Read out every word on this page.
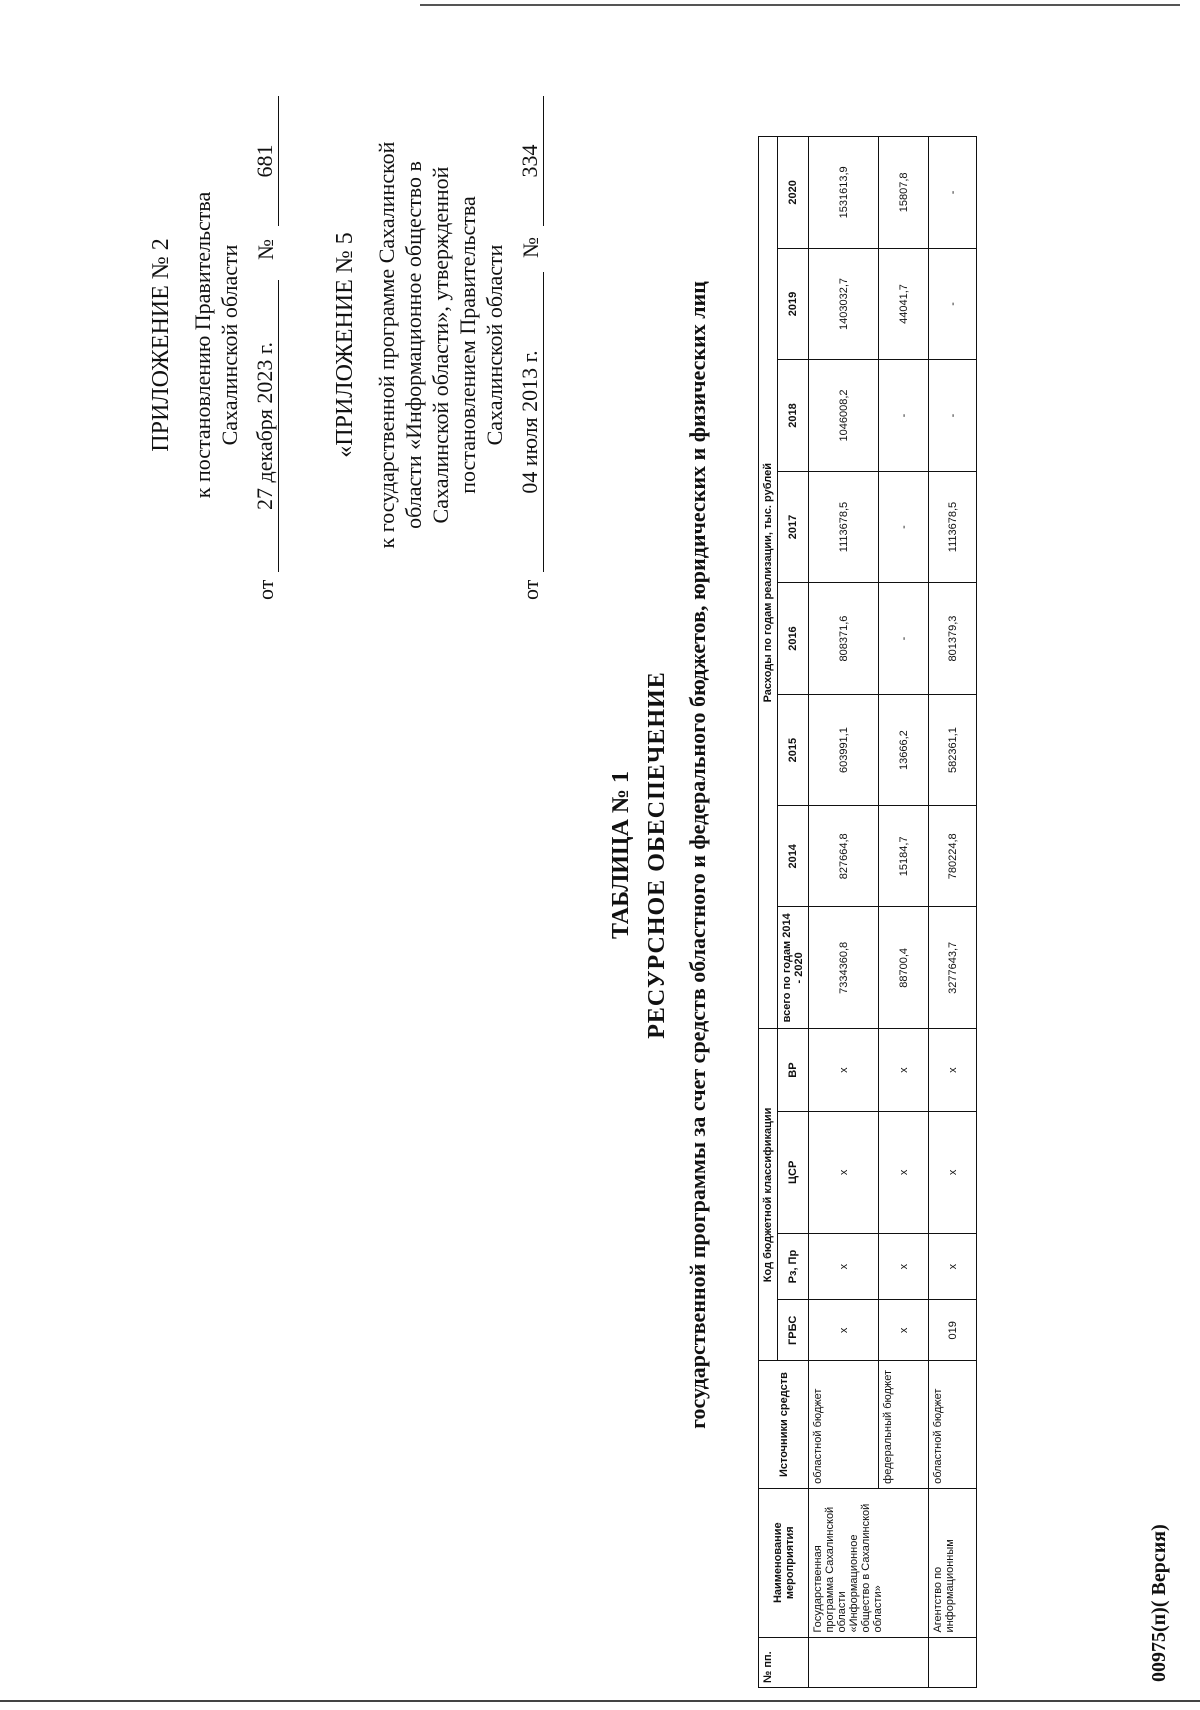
ПРИЛОЖЕНИЕ № 2 к постановлению Правительства Сахалинской области
от
27 декабря 2023 г.
№
681
«ПРИЛОЖЕНИЕ № 5 к государственной программе Сахалинской области «Информационное общество в Сахалинской области», утвержденной постановлением Правительства Сахалинской области
от
04 июля 2013 г.
№
334
ТАБЛИЦА № 1 РЕСУРСНОЕ ОБЕСПЕЧЕНИЕ государственной программы за счет средств областного и федерального бюджетов, юридических и физических лиц
№ пп.	Наименование мероприятия	Источники средств	Код бюджетной классификации				Расходы по годам реализации, тыс. рублей							
			ГРБС	Рз, Пр	ЦСР	ВР	всего по годам 2014 - 2020	2014	2015	2016	2017	2018	2019	2020
	Государственная программа Сахалинской области «Информационное общество в Сахалинской области»	областной бюджет	х	х	х	х	7334360,8	827664,8	603991,1	808371,6	1113678,5	1046008,2	1403032,7	1531613,9
		федеральный бюджет	х	х	х	х	88700,4	15184,7	13666,2	-	-	-	44041,7	15807,8
	Агентство по информационным	областной бюджет	019	х	х	х	3277643,7	780224,8	582361,1	801379,3	1113678,5	-	-	-
00975(п)( Версия)
